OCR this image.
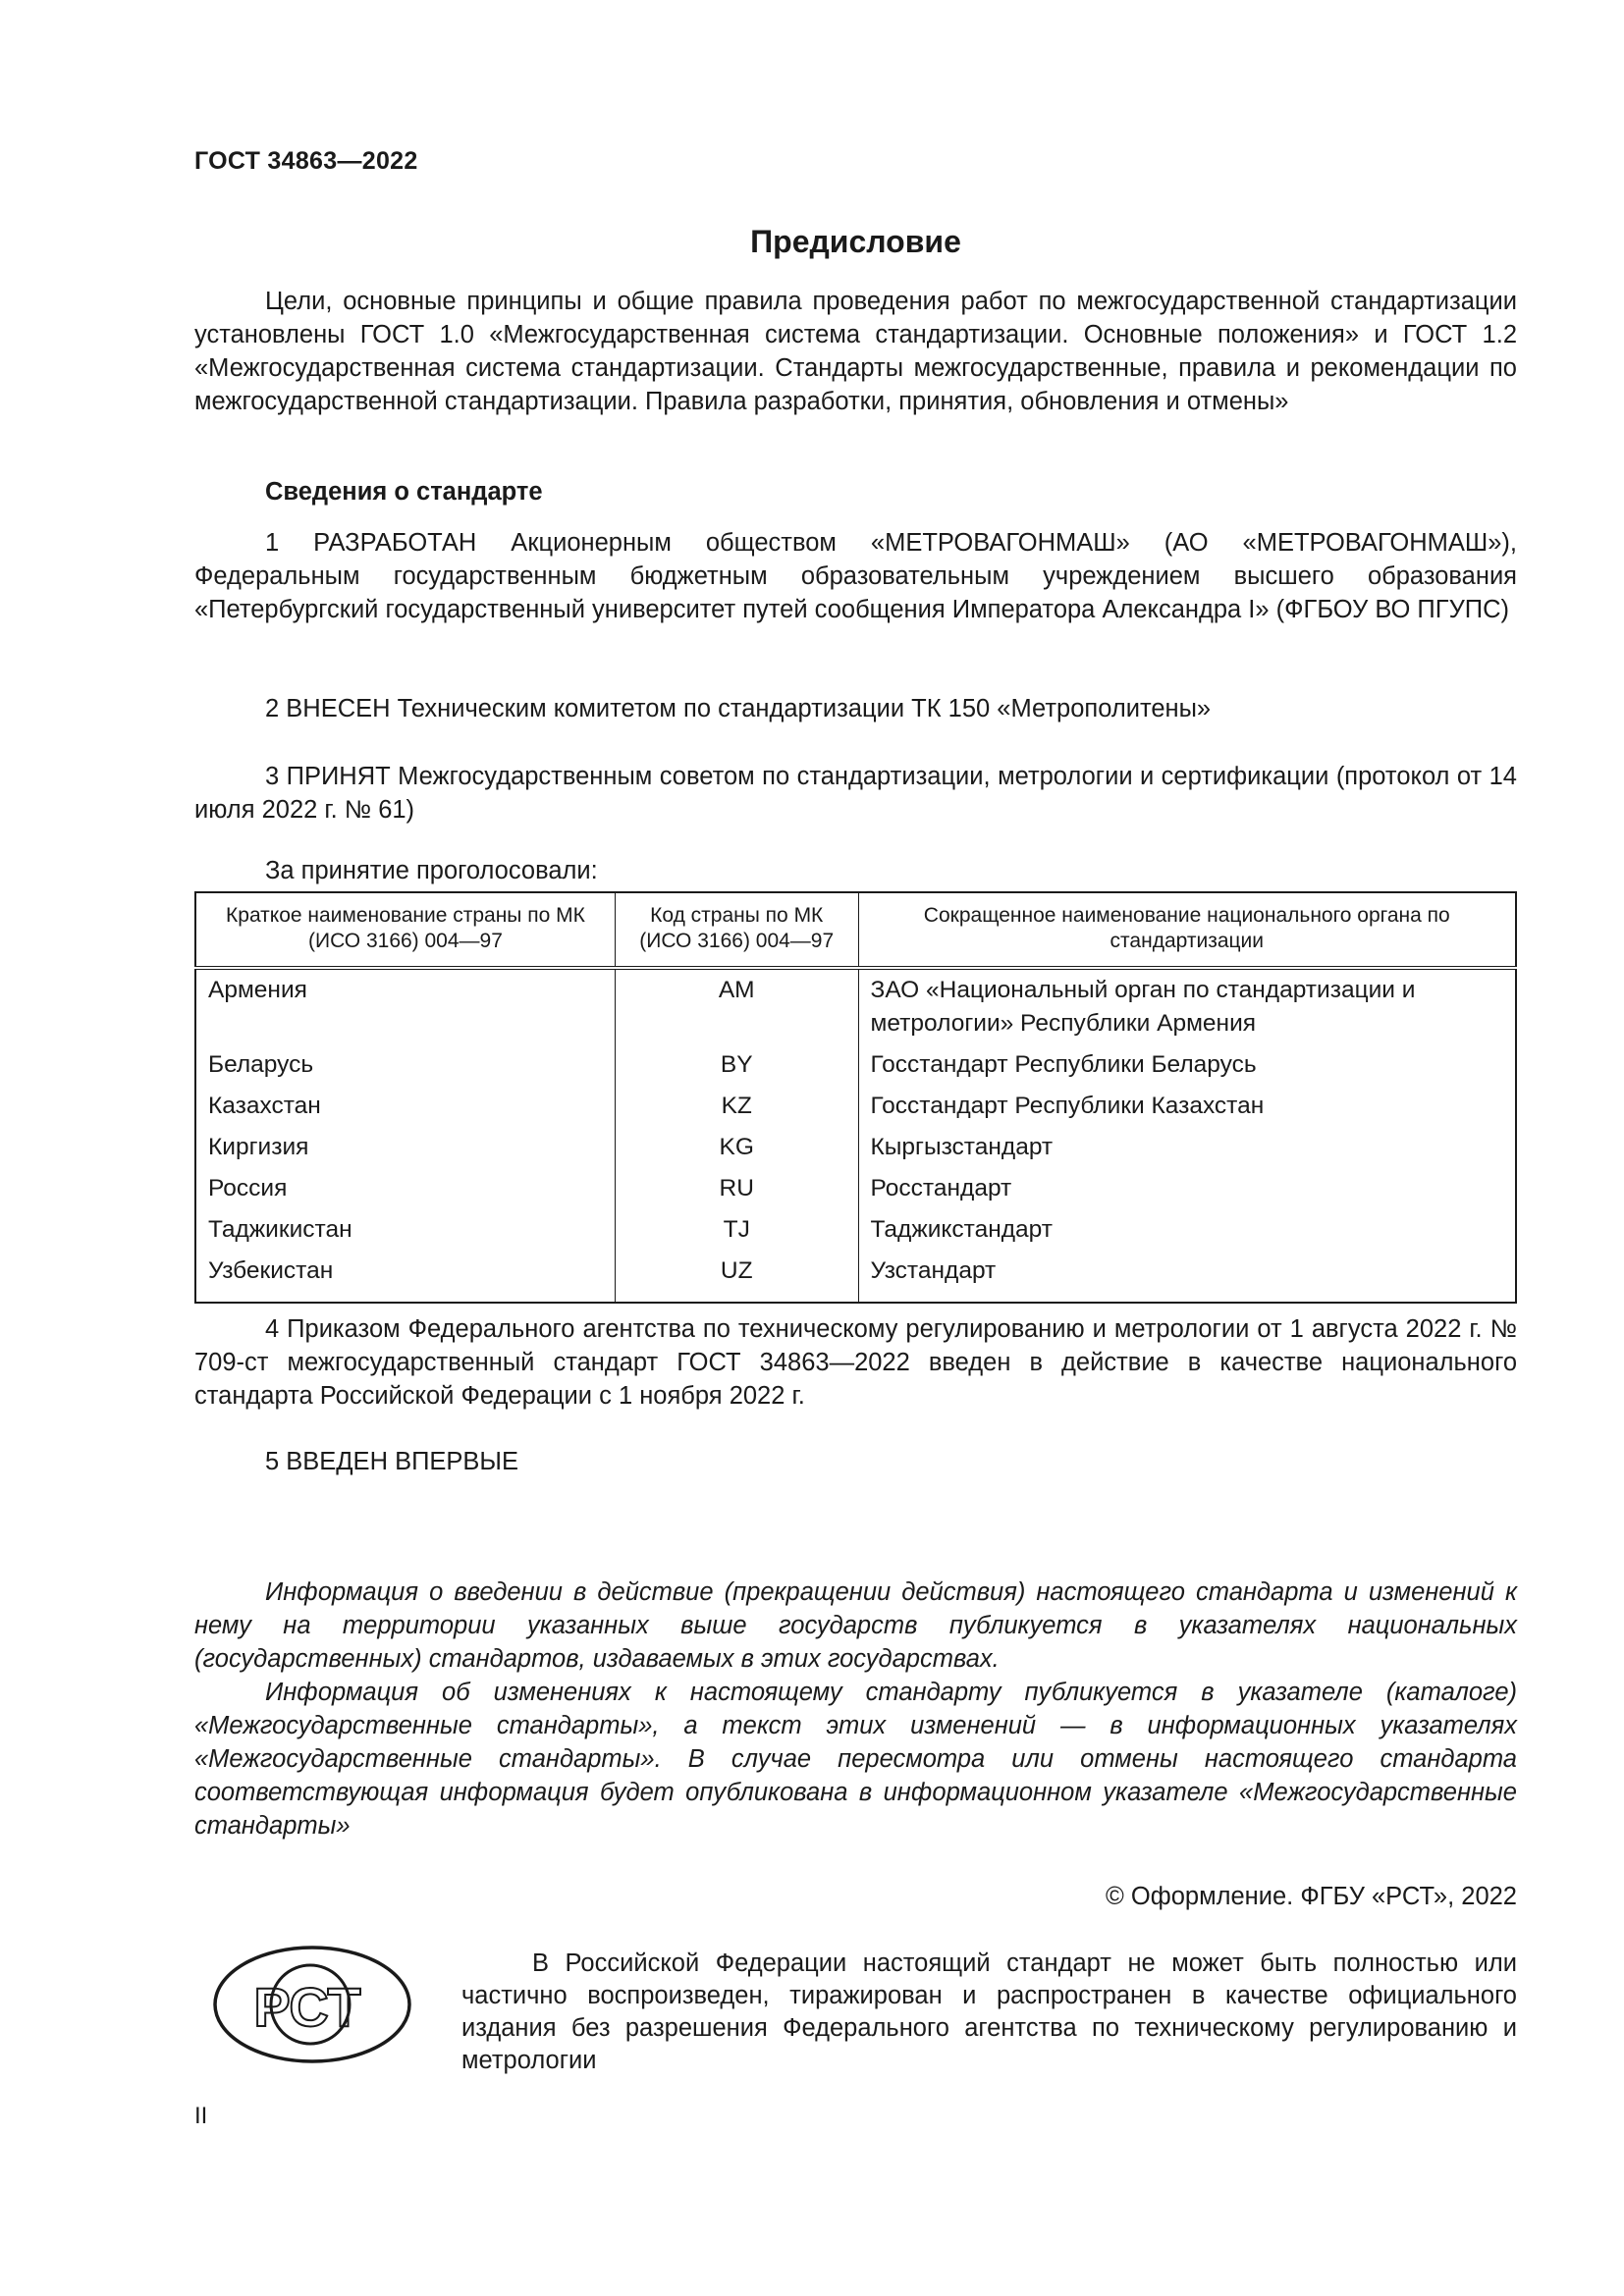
ГОСТ 34863—2022
Предисловие

Цели, основные принципы и общие правила проведения работ по межгосударственной стандартизации установлены ГОСТ 1.0 «Межгосударственная система стандартизации. Основные положения» и ГОСТ 1.2 «Межгосударственная система стандартизации. Стандарты межгосударственные, правила и рекомендации по межгосударственной стандартизации. Правила разработки, принятия, обновления и отмены»

Сведения о стандарте

1 РАЗРАБОТАН Акционерным обществом «МЕТРОВАГОНМАШ» (АО «МЕТРОВАГОНМАШ»), Федеральным государственным бюджетным образовательным учреждением высшего образования «Петербургский государственный университет путей сообщения Императора Александра I» (ФГБОУ ВО ПГУПС)

2 ВНЕСЕН Техническим комитетом по стандартизации ТК 150 «Метрополитены»

3 ПРИНЯТ Межгосударственным советом по стандартизации, метрологии и сертификации (протокол от 14 июля 2022 г. № 61)

За принятие проголосовали:
Краткое наименование страны по МК (ИСО 3166) 004—97	Код страны по МК (ИСО 3166) 004—97	Сокращенное наименование национального органа по стандартизации
Армения	AM	ЗАО «Национальный орган по стандартизации и метрологии» Республики Армения
Беларусь	BY	Госстандарт Республики Беларусь
Казахстан	KZ	Госстандарт Республики Казахстан
Киргизия	KG	Кыргызстандарт
Россия	RU	Росстандарт
Таджикистан	TJ	Таджикстандарт
Узбекистан	UZ	Узстандарт

4 Приказом Федерального агентства по техническому регулированию и метрологии от 1 августа 2022 г. № 709-ст межгосударственный стандарт ГОСТ 34863—2022 введен в действие в качестве национального стандарта Российской Федерации с 1 ноября 2022 г.

5 ВВЕДЕН ВПЕРВЫЕ

Информация о введении в действие (прекращении действия) настоящего стандарта и изменений к нему на территории указанных выше государств публикуется в указателях национальных (государственных) стандартов, издаваемых в этих государствах.

Информация об изменениях к настоящему стандарту публикуется в указателе (каталоге) «Межгосударственные стандарты», а текст этих изменений — в информационных указателях «Межгосударственные стандарты». В случае пересмотра или отмены настоящего стандарта соответствующая информация будет опубликована в информационном указателе «Межгосударственные стандарты»

© Оформление. ФГБУ «РСТ», 2022
РСТ

В Российской Федерации настоящий стандарт не может быть полностью или частично воспроизведен, тиражирован и распространен в качестве официального издания без разрешения Федерального агентства по техническому регулированию и метрологии

II
